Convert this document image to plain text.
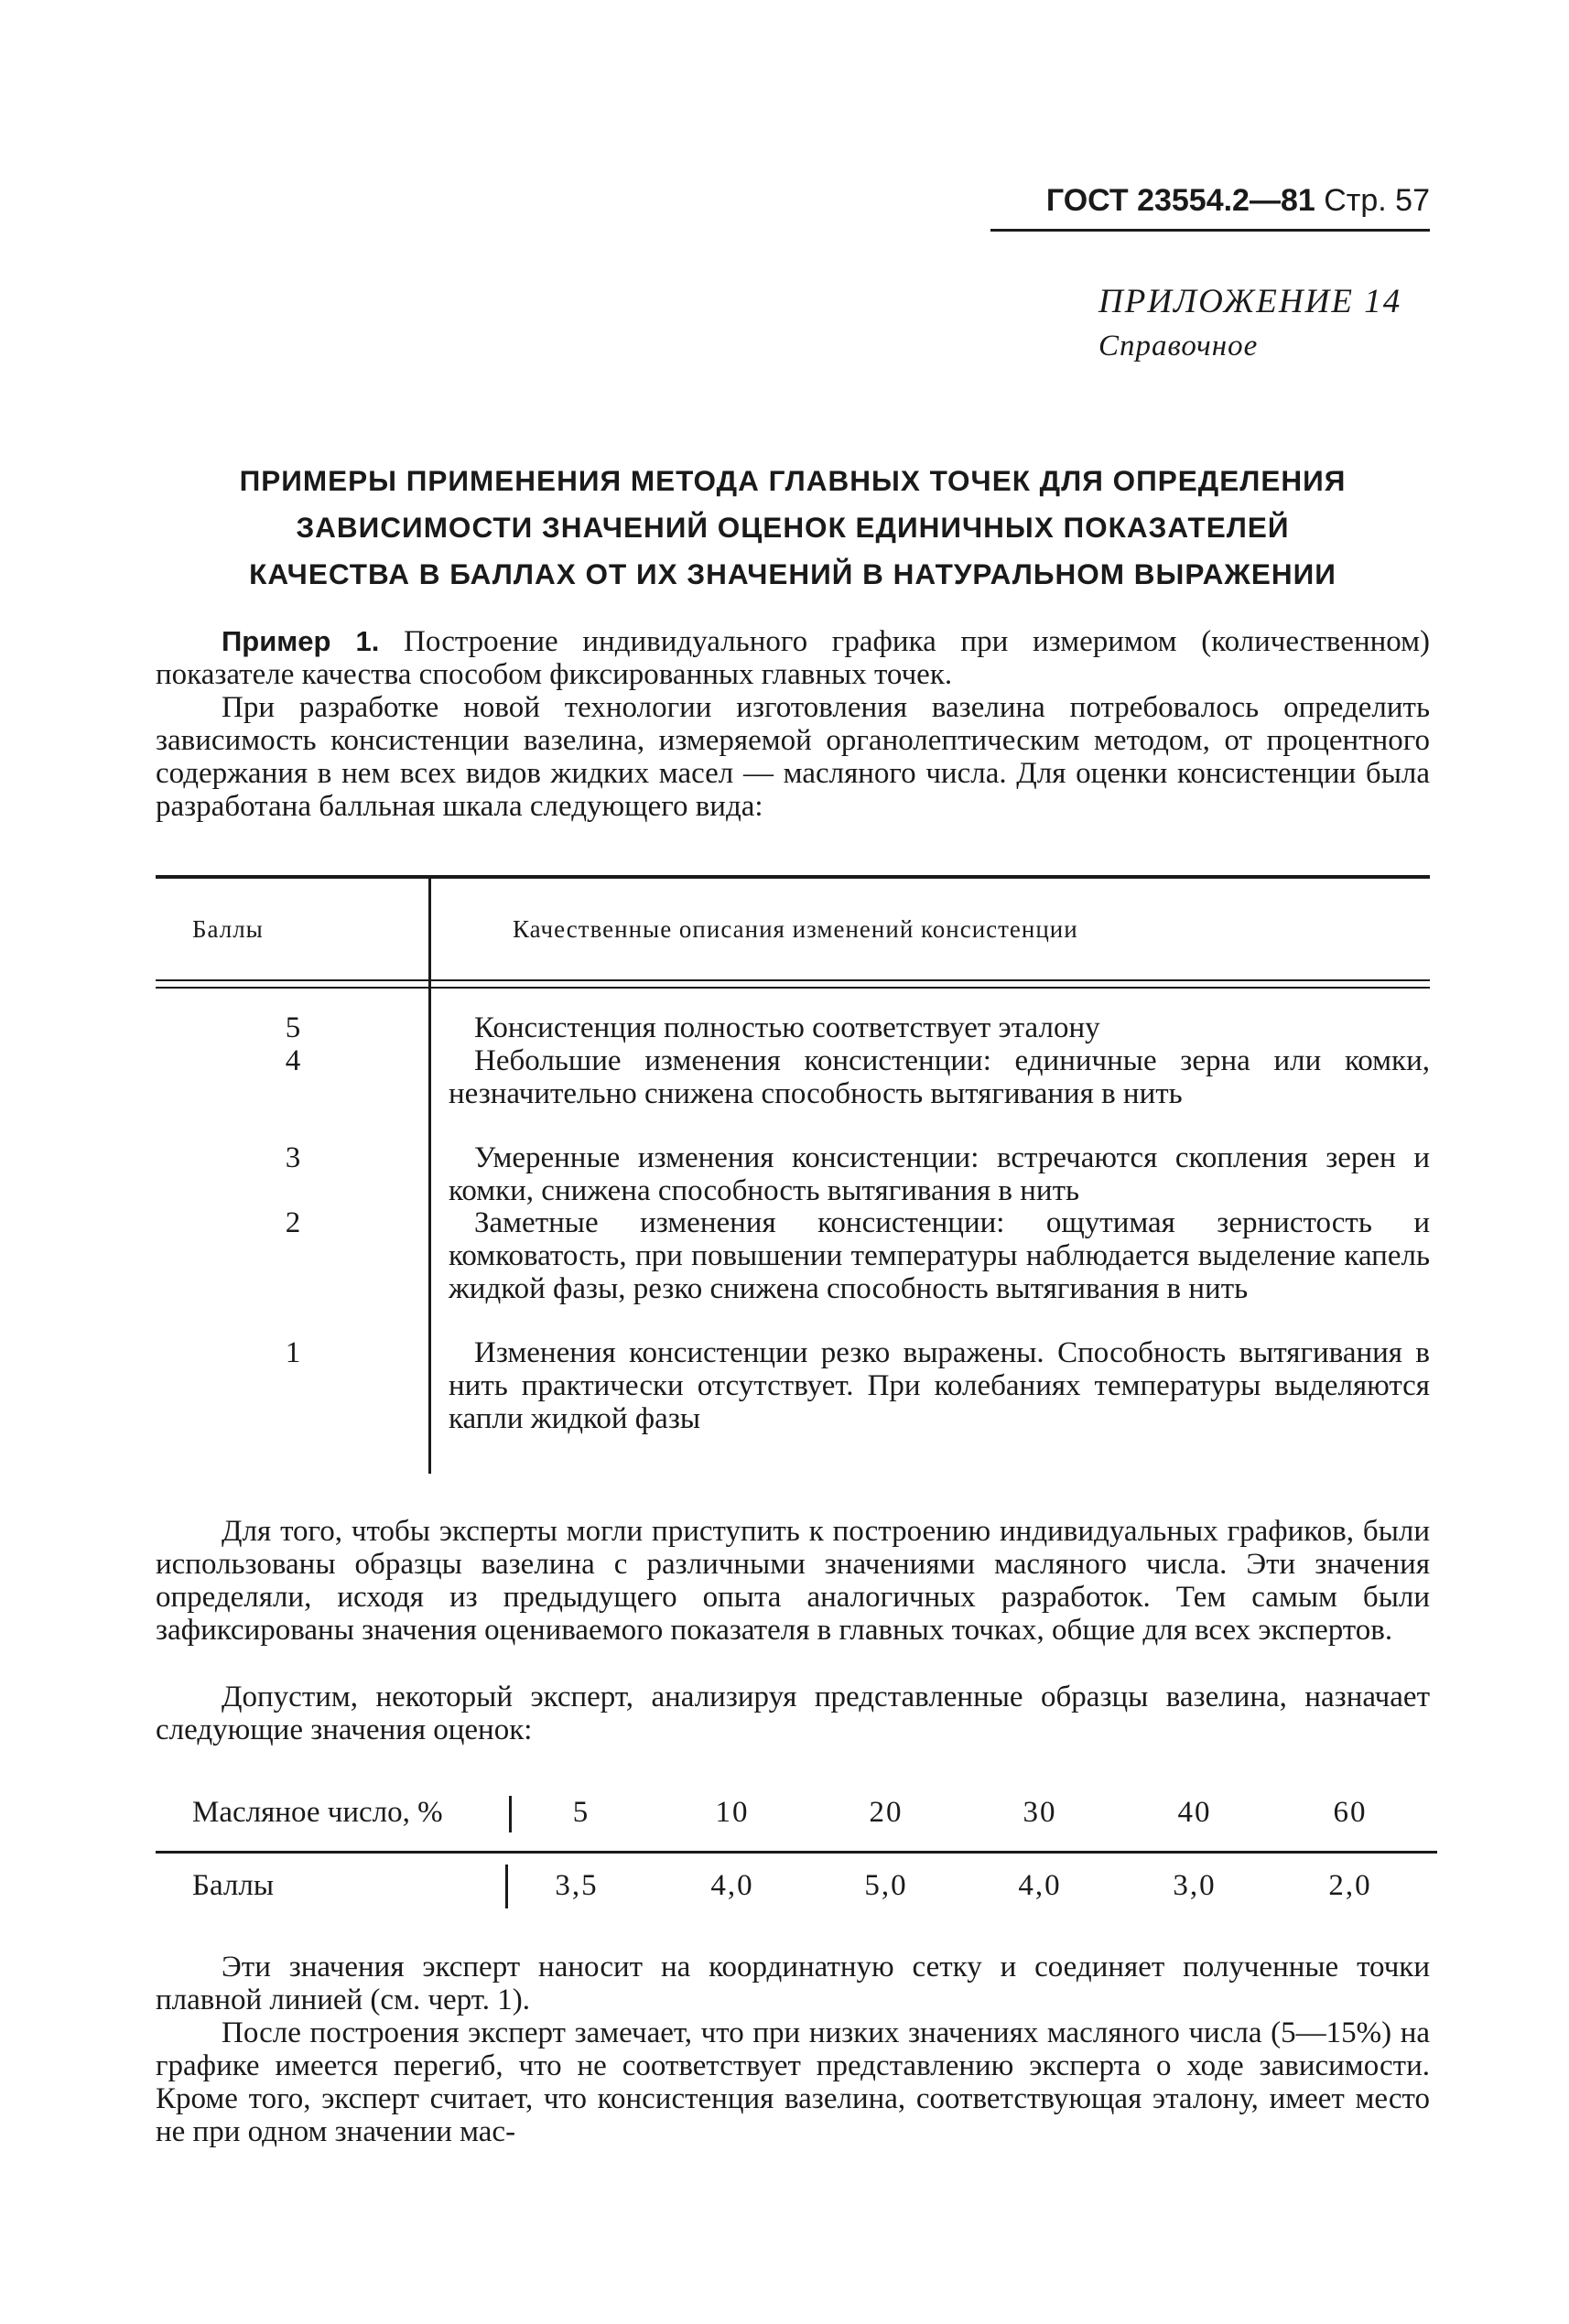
ГОСТ 23554.2—81 Стр. 57
ПРИЛОЖЕНИЕ 14
Справочное
ПРИМЕРЫ ПРИМЕНЕНИЯ МЕТОДА ГЛАВНЫХ ТОЧЕК ДЛЯ ОПРЕДЕЛЕНИЯ
ЗАВИСИМОСТИ ЗНАЧЕНИЙ ОЦЕНОК ЕДИНИЧНЫХ ПОКАЗАТЕЛЕЙ
КАЧЕСТВА В БАЛЛАХ ОТ ИХ ЗНАЧЕНИЙ В НАТУРАЛЬНОМ ВЫРАЖЕНИИ
Пример 1. Построение индивидуального графика при измеримом (количественном) показателе качества способом фиксированных главных точек.
При разработке новой технологии изготовления вазелина потребовалось определить зависимость консистенции вазелина, измеряемой органолептическим методом, от процентного содержания в нем всех видов жидких масел — масляного числа. Для оценки консистенции была разработана балльная шкала следующего вида:
Баллы	Качественные описания изменений консистенции
5	Консистенция полностью соответствует эталону
4	Небольшие изменения консистенции: единичные зерна или комки, незначительно снижена способность вытягивания в нить
3	Умеренные изменения консистенции: встречаются скопления зерен и комки, снижена способность вытягивания в нить
2	Заметные изменения консистенции: ощутимая зернистость и комковатость, при повышении температуры наблюдается выделение капель жидкой фазы, резко снижена способность вытягивания в нить
1	Изменения консистенции резко выражены. Способность вытягивания в нить практически отсутствует. При колебаниях температуры выделяются капли жидкой фазы
Для того, чтобы эксперты могли приступить к построению индивидуальных графиков, были использованы образцы вазелина с различными значениями масляного числа. Эти значения определяли, исходя из предыдущего опыта аналогичных разработок. Тем самым были зафиксированы значения оцениваемого показателя в главных точках, общие для всех экспертов.
Допустим, некоторый эксперт, анализируя представленные образцы вазелина, назначает следующие значения оценок:
Масляное число, %	5	10	20	30	40	60
Баллы	3,5	4,0	5,0	4,0	3,0	2,0
Эти значения эксперт наносит на координатную сетку и соединяет полученные точки плавной линией (см. черт. 1).
После построения эксперт замечает, что при низких значениях масляного числа (5—15%) на графике имеется перегиб, что не соответствует представлению эксперта о ходе зависимости. Кроме того, эксперт считает, что консистенция вазелина, соответствующая эталону, имеет место не при одном значении мас-
